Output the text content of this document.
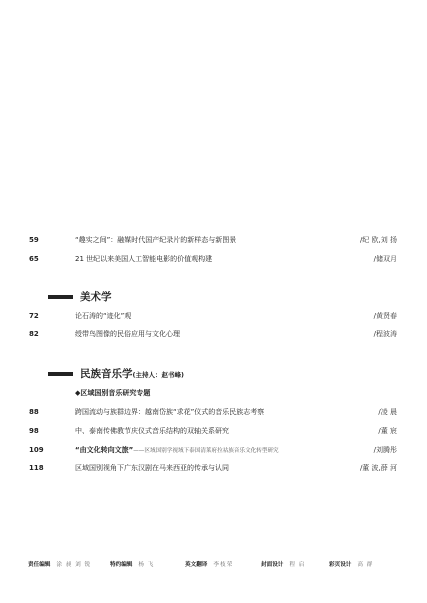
59	“趣实之间”：融媒时代国产纪录片的新样态与新图景	/纪 欧,刘 扬
65	21 世纪以来美国人工智能电影的价值观构建	/储双月
美术学
72	论石涛的“迹化”观	/黄贤春
82	绶带鸟图像的民俗应用与文化心理	/程波涛
民族音乐学(主持人：赵书峰)
◆区域国别音乐研究专题
88	跨国流动与族群边界：越南岱族“求花”仪式的音乐民族志考察	/凌 晨
98	中、泰南传佛教节庆仪式音乐结构的双轴关系研究	/董 宸
109	“由文化转向文旅”——区域国别学视域下泰国清莱府拉祜族音乐文化转型研究	/刘腾彤
118	区域国别视角下广东汉剧在马来西亚的传承与认同	/董 波,薛 河
责任编辑 涂 昶 刘 锐	特约编辑 杨 飞	英文翻译 李枝荣	封面设计 程 启	彩页设计 高 群
